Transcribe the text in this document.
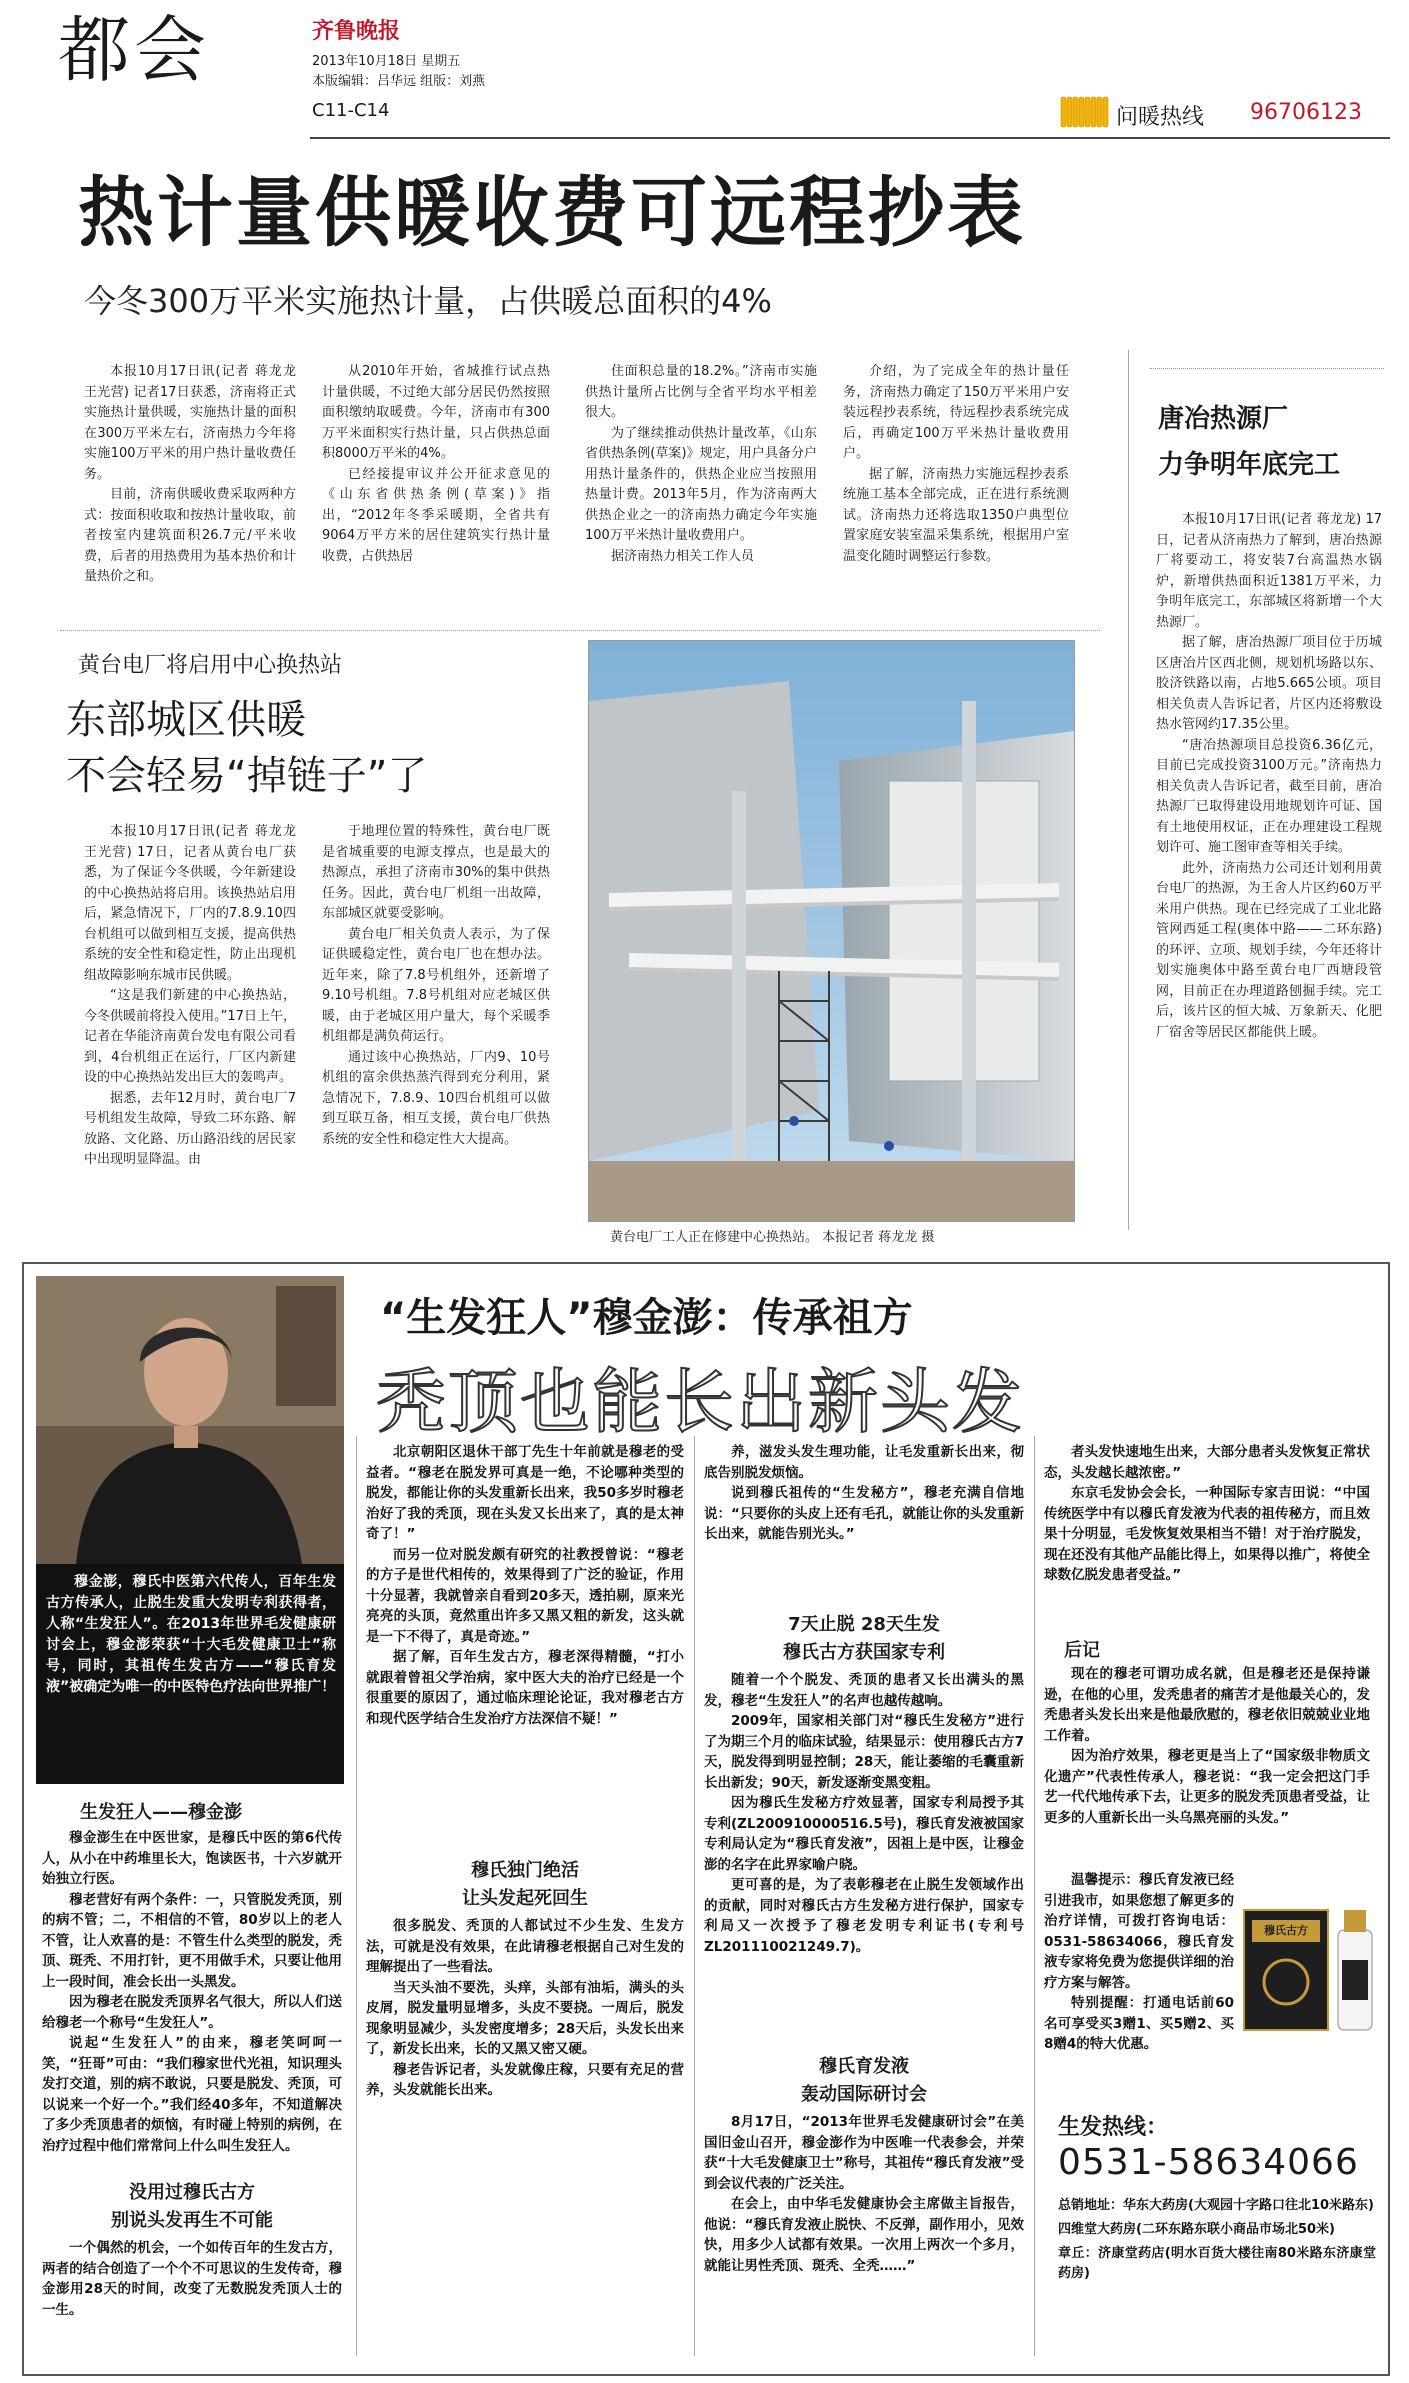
都会	齐鲁晚报
2013年10月18日 星期五
本版编辑：吕华远 组版：刘燕
C11-C14	问暖热线 96706123
热计量供暖收费可远程抄表
今冬300万平米实施热计量，占供暖总面积的4%

本报10月17日讯(记者 蒋龙龙 王光营) 记者17日获悉，济南将正式实施热计量供暖，实施热计量的面积在300万平米左右，济南热力今年将实施100万平米的用户热计量收费任务。

目前，济南供暖收费采取两种方式：按面积收取和按热计量收取，前者按室内建筑面积26.7元/平米收费，后者的用热费用为基本热价和计量热价之和。

从2010年开始，省城推行试点热计量供暖，不过绝大部分居民仍然按照面积缴纳取暖费。今年，济南市有300万平米面积实行热计量，只占供热总面积8000万平米的4%。

已经接提审议并公开征求意见的《山东省供热条例(草案)》指出，“2012年冬季采暖期，全省共有9064万平方米的居住建筑实行热计量收费，占供热居

住面积总量的18.2%。”济南市实施供热计量所占比例与全省平均水平相差很大。

为了继续推动供热计量改革，《山东省供热条例(草案)》规定，用户具备分户用热计量条件的，供热企业应当按照用热量计费。2013年5月，作为济南两大供热企业之一的济南热力确定今年实施100万平米热计量收费用户。

据济南热力相关工作人员

介绍，为了完成全年的热计量任务，济南热力确定了150万平米用户安装远程抄表系统，待远程抄表系统完成后，再确定100万平米热计量收费用户。

据了解，济南热力实施远程抄表系统施工基本全部完成，正在进行系统测试。济南热力还将选取1350户典型位置家庭安装室温采集系统，根据用户室温变化随时调整运行参数。

唐冶热源厂
力争明年底完工

本报10月17日讯(记者 蒋龙龙) 17日，记者从济南热力了解到，唐冶热源厂将要动工，将安装7台高温热水锅炉，新增供热面积近1381万平米，力争明年底完工，东部城区将新增一个大热源厂。

据了解，唐冶热源厂项目位于历城区唐冶片区西北侧，规划机场路以东、胶济铁路以南，占地5.665公顷。项目相关负责人告诉记者，片区内还将敷设热水管网约17.35公里。

“唐冶热源项目总投资6.36亿元，目前已完成投资3100万元。”济南热力相关负责人告诉记者，截至目前，唐冶热源厂已取得建设用地规划许可证、国有土地使用权证，正在办理建设工程规划许可、施工图审查等相关手续。

此外，济南热力公司还计划利用黄台电厂的热源，为王舍人片区约60万平米用户供热。现在已经完成了工业北路管网西延工程(奥体中路——二环东路)的环评、立项、规划手续，今年还将计划实施奥体中路至黄台电厂西塘段管网，目前正在办理道路刨掘手续。完工后，该片区的恒大城、万象新天、化肥厂宿舍等居民区都能供上暖。

黄台电厂将启用中心换热站
东部城区供暖
不会轻易“掉链子”了

本报10月17日讯(记者 蒋龙龙 王光营) 17日，记者从黄台电厂获悉，为了保证今冬供暖，今年新建设的中心换热站将启用。该换热站启用后，紧急情况下，厂内的7.8.9.10四台机组可以做到相互支援，提高供热系统的安全性和稳定性，防止出现机组故障影响东城市民供暖。

“这是我们新建的中心换热站，今冬供暖前将投入使用。”17日上午，记者在华能济南黄台发电有限公司看到，4台机组正在运行，厂区内新建设的中心换热站发出巨大的轰鸣声。

据悉，去年12月时，黄台电厂7号机组发生故障，导致二环东路、解放路、文化路、历山路沿线的居民家中出现明显降温。由

于地理位置的特殊性，黄台电厂既是省城重要的电源支撑点，也是最大的热源点，承担了济南市30%的集中供热任务。因此，黄台电厂机组一出故障，东部城区就要受影响。

黄台电厂相关负责人表示，为了保证供暖稳定性，黄台电厂也在想办法。近年来，除了7.8号机组外，还新增了9.10号机组。7.8号机组对应老城区供暖，由于老城区用户量大，每个采暖季机组都是满负荷运行。

通过该中心换热站，厂内9、10号机组的富余供热蒸汽得到充分利用，紧急情况下，7.8.9、10四台机组可以做到互联互备，相互支援，黄台电厂供热系统的安全性和稳定性大大提高。

黄台电厂工人正在修建中心换热站。 本报记者 蒋龙龙 摄
“生发狂人”穆金澎：传承祖方
秃顶也能长出新头发
穆金澎，穆氏中医第六代传人，百年生发古方传承人，止脱生发重大发明专利获得者，人称“生发狂人”。在2013年世界毛发健康研讨会上，穆金澎荣获“十大毛发健康卫士”称号，同时，其祖传生发古方——“穆氏育发液”被确定为唯一的中医特色疗法向世界推广！
生发狂人——穆金澎

穆金澎生在中医世家，是穆氏中医的第6代传人，从小在中药堆里长大，饱读医书，十六岁就开始独立行医。

穆老营好有两个条件：一，只管脱发秃顶，别的病不管；二，不相信的不管，80岁以上的老人不管，让人欢喜的是：不管生什么类型的脱发，秃顶、斑秃、不用打针，更不用做手术，只要让他用上一段时间，准会长出一头黑发。

因为穆老在脱发秃顶界名气很大，所以人们送给穆老一个称号“生发狂人”。

说起“生发狂人”的由来，穆老笑呵呵一笑，“狂哥”可由：“我们穆家世代光祖，知识理头发打交道，别的病不敢说，只要是脱发、秃顶，可以说来一个好一个。”我们经40多年，不知道解决了多少秃顶患者的烦恼，有时碰上特别的病例，在治疗过程中他们常常问上什么叫生发狂人。

没用过穆氏古方
别说头发再生不可能

一个偶然的机会，一个如传百年的生发古方，两者的结合创造了一个个不可思议的生发传奇，穆金澎用28天的时间，改变了无数脱发秃顶人士的一生。

北京朝阳区退休干部丁先生十年前就是穆老的受益者。“穆老在脱发界可真是一绝，不论哪种类型的脱发，都能让你的头发重新长出来，我50多岁时穆老治好了我的秃顶，现在头发又长出来了，真的是太神奇了！”

而另一位对脱发颇有研究的社教授曾说：“穆老的方子是世代相传的，效果得到了广泛的验证，作用十分显著，我就曾亲自看到20多天，透拍剔，原来光亮亮的头顶，竟然重出许多又黑又粗的新发，这头就是一下不得了，真是奇迹。”

据了解，百年生发古方，穆老深得精髓，“打小就跟着曾祖父学治病，家中医大夫的治疗已经是一个很重要的原因了，通过临床理论论证，我对穆老古方和现代医学结合生发治疗方法深信不疑！”

穆氏独门绝活
让头发起死回生

很多脱发、秃顶的人都试过不少生发、生发方法，可就是没有效果，在此请穆老根据自己对生发的理解提出了一些看法。

当天头油不要洗，头痒，头部有油垢，满头的头皮屑，脱发量明显增多，头皮不要挠。一周后，脱发现象明显减少，头发密度增多；28天后，头发长出来了，新发长出来，长的又黑又密又硬。

穆老告诉记者，头发就像庄稼，只要有充足的营养，头发就能长出来。

养，滋发头发生理功能，让毛发重新长出来，彻底告别脱发烦恼。

说到穆氏祖传的“生发秘方”，穆老充满自信地说：“只要你的头皮上还有毛孔，就能让你的头发重新长出来，就能告别光头。”

7天止脱 28天生发
穆氏古方获国家专利

随着一个个脱发、秃顶的患者又长出满头的黑发，穆老“生发狂人”的名声也越传越响。

2009年，国家相关部门对“穆氏生发秘方”进行了为期三个月的临床试验，结果显示：使用穆氏古方7天，脱发得到明显控制；28天，能让萎缩的毛囊重新长出新发；90天，新发逐渐变黑变粗。

因为穆氏生发秘方疗效显著，国家专利局授予其专利(ZL200910000516.5号)，穆氏育发液被国家专利局认定为“穆氏育发液”，因祖上是中医，让穆金澎的名字在此界家喻户晓。

更可喜的是，为了表彰穆老在止脱生发领域作出的贡献，同时对穆氏古方生发秘方进行保护，国家专利局又一次授予了穆老发明专利证书(专利号ZL201110021249.7)。

穆氏育发液
轰动国际研讨会

8月17日，“2013年世界毛发健康研讨会”在美国旧金山召开，穆金澎作为中医唯一代表参会，并荣获“十大毛发健康卫士”称号，其祖传“穆氏育发液”受到会议代表的广泛关注。

在会上，由中华毛发健康协会主席做主旨报告，他说：“穆氏育发液止脱快、不反弹，副作用小，见效快，用多少人试都有效果。一次用上两次一个多月，就能让男性秃顶、斑秃、全秃……”

者头发快速地生出来，大部分患者头发恢复正常状态，头发越长越浓密。”

东京毛发协会会长，一种国际专家吉田说：“中国传统医学中有以穆氏育发液为代表的祖传秘方，而且效果十分明显，毛发恢复效果相当不错！对于治疗脱发，现在还没有其他产品能比得上，如果得以推广，将使全球数亿脱发患者受益。”

后记

现在的穆老可谓功成名就，但是穆老还是保持谦逊，在他的心里，发秃患者的痛苦才是他最关心的，发秃患者头发长出来是他最欣慰的，穆老依旧兢兢业业地工作着。

因为治疗效果，穆老更是当上了“国家级非物质文化遗产”代表性传承人，穆老说：“我一定会把这门手艺一代代地传承下去，让更多的脱发秃顶患者受益，让更多的人重新长出一头乌黑亮丽的头发。”

温馨提示：穆氏育发液已经引进我市，如果您想了解更多的治疗详情，可拨打咨询电话：0531-58634066，穆氏育发液专家将免费为您提供详细的治疗方案与解答。

特别提醒：打通电话前60名可享受买3赠1、买5赠2、买8赠4的特大优惠。

穆氏古方
生发热线：
0531-58634066

总销地址：华东大药房(大观园十字路口往北10米路东)

四维堂大药房(二环东路东联小商品市场北50米)

章丘：济康堂药店(明水百货大楼往南80米路东济康堂药房)
